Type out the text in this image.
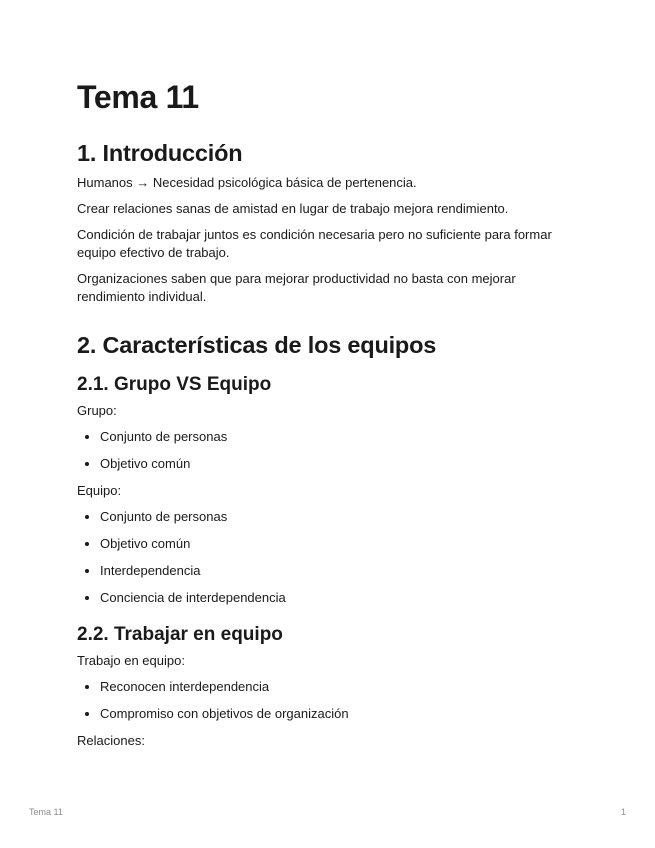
Tema 11
1. Introducción

Humanos → Necesidad psicológica básica de pertenencia.

Crear relaciones sanas de amistad en lugar de trabajo mejora rendimiento.

Condición de trabajar juntos es condición necesaria pero no suficiente para formar equipo efectivo de trabajo.

Organizaciones saben que para mejorar productividad no basta con mejorar rendimiento individual.

2. Características de los equipos
2.1. Grupo VS Equipo

Grupo:

• Conjunto de personas
• Objetivo común

Equipo:

• Conjunto de personas
• Objetivo común
• Interdependencia
• Conciencia de interdependencia
2.2. Trabajar en equipo

Trabajo en equipo:

• Reconocen interdependencia
• Compromiso con objetivos de organización

Relaciones:

Tema 11	1
